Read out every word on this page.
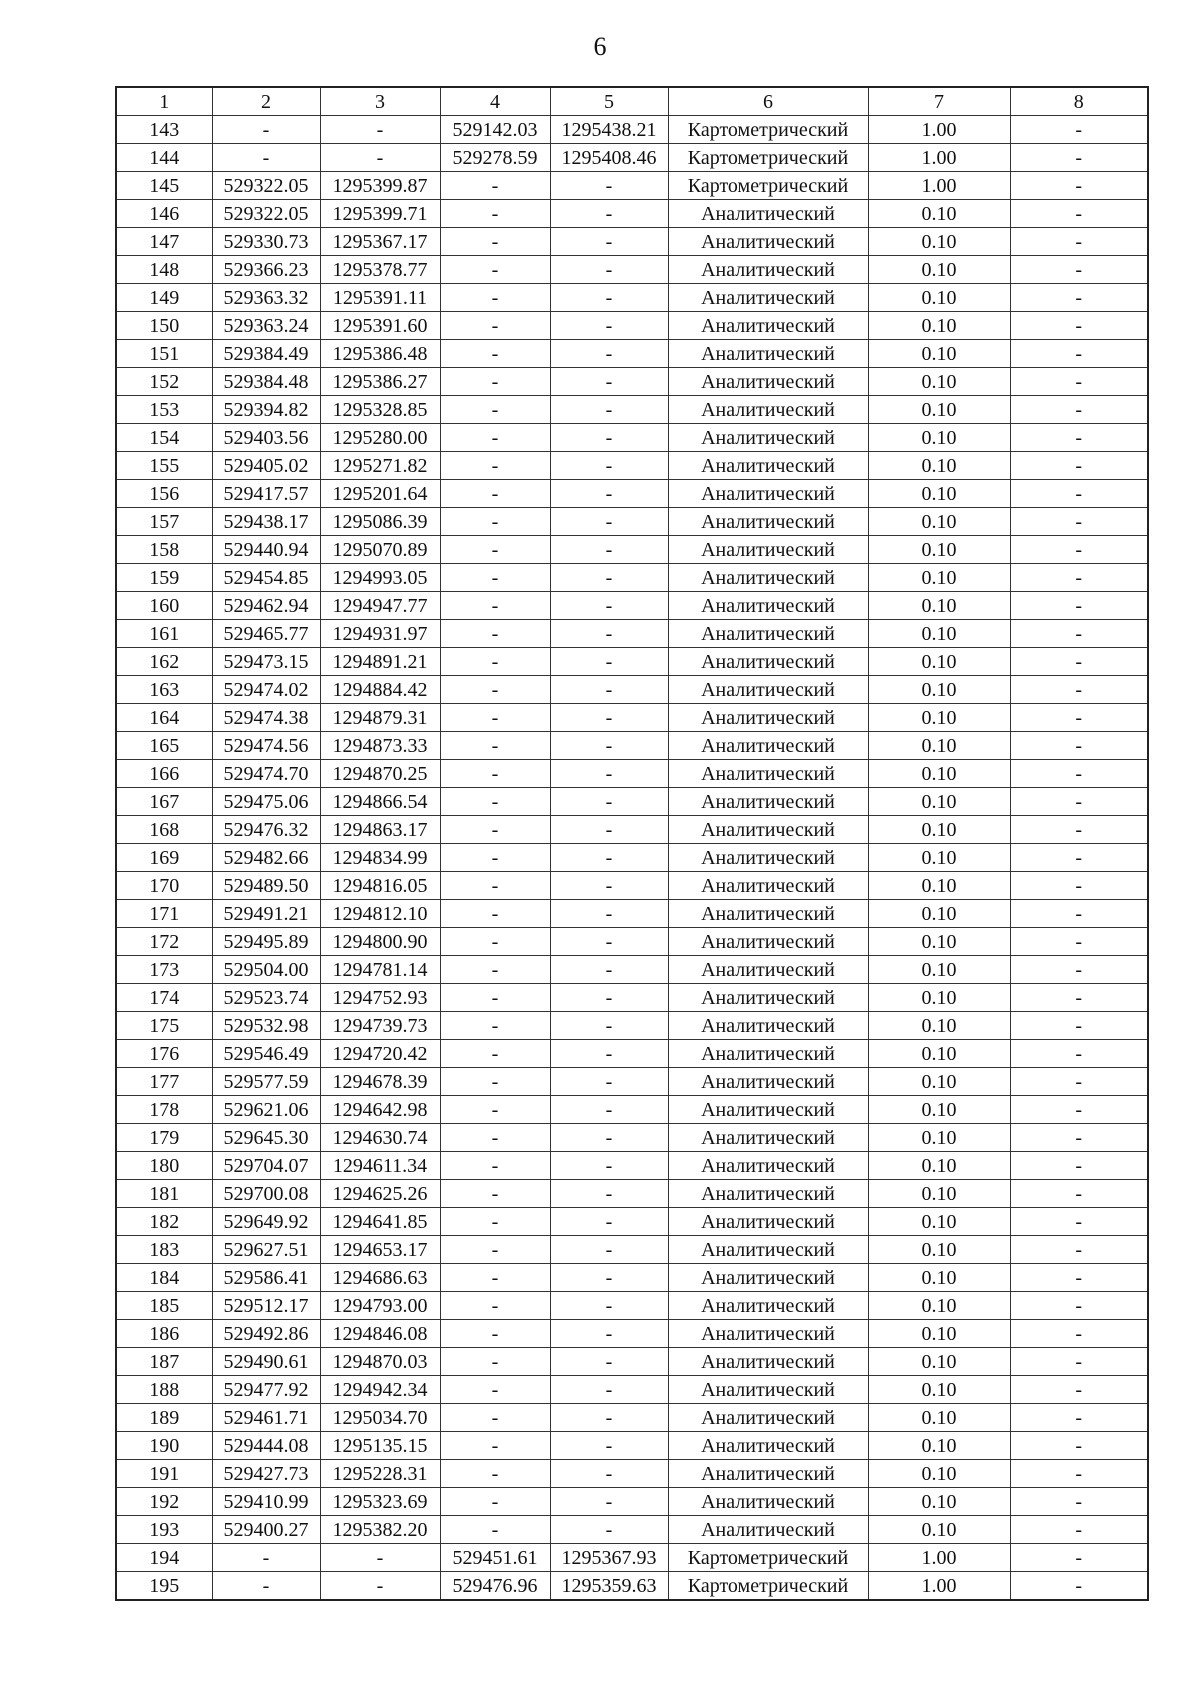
6
1	2	3	4	5	6	7	8
143	-	-	529142.03	1295438.21	Картометрический	1.00	-
144	-	-	529278.59	1295408.46	Картометрический	1.00	-
145	529322.05	1295399.87	-	-	Картометрический	1.00	-
146	529322.05	1295399.71	-	-	Аналитический	0.10	-
147	529330.73	1295367.17	-	-	Аналитический	0.10	-
148	529366.23	1295378.77	-	-	Аналитический	0.10	-
149	529363.32	1295391.11	-	-	Аналитический	0.10	-
150	529363.24	1295391.60	-	-	Аналитический	0.10	-
151	529384.49	1295386.48	-	-	Аналитический	0.10	-
152	529384.48	1295386.27	-	-	Аналитический	0.10	-
153	529394.82	1295328.85	-	-	Аналитический	0.10	-
154	529403.56	1295280.00	-	-	Аналитический	0.10	-
155	529405.02	1295271.82	-	-	Аналитический	0.10	-
156	529417.57	1295201.64	-	-	Аналитический	0.10	-
157	529438.17	1295086.39	-	-	Аналитический	0.10	-
158	529440.94	1295070.89	-	-	Аналитический	0.10	-
159	529454.85	1294993.05	-	-	Аналитический	0.10	-
160	529462.94	1294947.77	-	-	Аналитический	0.10	-
161	529465.77	1294931.97	-	-	Аналитический	0.10	-
162	529473.15	1294891.21	-	-	Аналитический	0.10	-
163	529474.02	1294884.42	-	-	Аналитический	0.10	-
164	529474.38	1294879.31	-	-	Аналитический	0.10	-
165	529474.56	1294873.33	-	-	Аналитический	0.10	-
166	529474.70	1294870.25	-	-	Аналитический	0.10	-
167	529475.06	1294866.54	-	-	Аналитический	0.10	-
168	529476.32	1294863.17	-	-	Аналитический	0.10	-
169	529482.66	1294834.99	-	-	Аналитический	0.10	-
170	529489.50	1294816.05	-	-	Аналитический	0.10	-
171	529491.21	1294812.10	-	-	Аналитический	0.10	-
172	529495.89	1294800.90	-	-	Аналитический	0.10	-
173	529504.00	1294781.14	-	-	Аналитический	0.10	-
174	529523.74	1294752.93	-	-	Аналитический	0.10	-
175	529532.98	1294739.73	-	-	Аналитический	0.10	-
176	529546.49	1294720.42	-	-	Аналитический	0.10	-
177	529577.59	1294678.39	-	-	Аналитический	0.10	-
178	529621.06	1294642.98	-	-	Аналитический	0.10	-
179	529645.30	1294630.74	-	-	Аналитический	0.10	-
180	529704.07	1294611.34	-	-	Аналитический	0.10	-
181	529700.08	1294625.26	-	-	Аналитический	0.10	-
182	529649.92	1294641.85	-	-	Аналитический	0.10	-
183	529627.51	1294653.17	-	-	Аналитический	0.10	-
184	529586.41	1294686.63	-	-	Аналитический	0.10	-
185	529512.17	1294793.00	-	-	Аналитический	0.10	-
186	529492.86	1294846.08	-	-	Аналитический	0.10	-
187	529490.61	1294870.03	-	-	Аналитический	0.10	-
188	529477.92	1294942.34	-	-	Аналитический	0.10	-
189	529461.71	1295034.70	-	-	Аналитический	0.10	-
190	529444.08	1295135.15	-	-	Аналитический	0.10	-
191	529427.73	1295228.31	-	-	Аналитический	0.10	-
192	529410.99	1295323.69	-	-	Аналитический	0.10	-
193	529400.27	1295382.20	-	-	Аналитический	0.10	-
194	-	-	529451.61	1295367.93	Картометрический	1.00	-
195	-	-	529476.96	1295359.63	Картометрический	1.00	-
